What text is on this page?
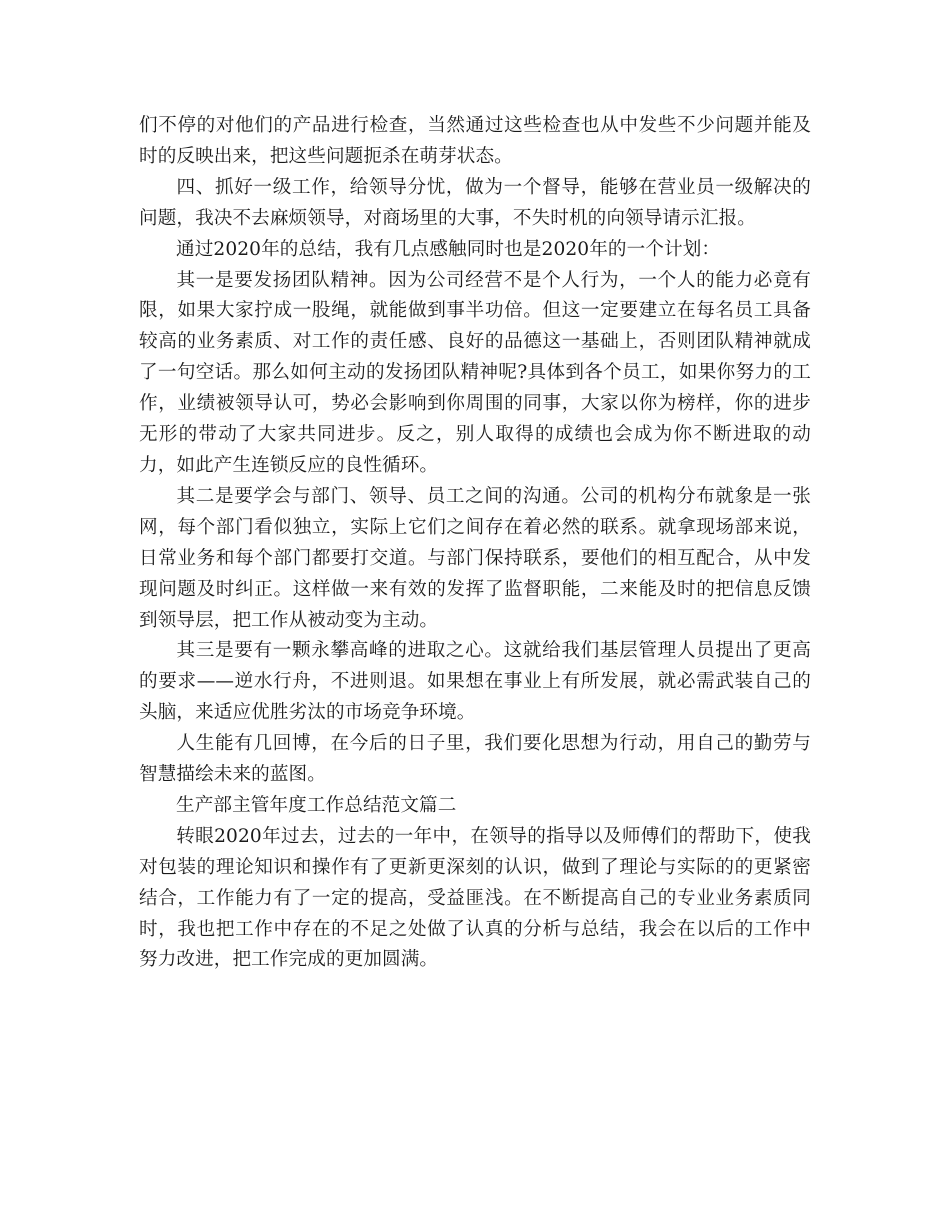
们不停的对他们的产品进行检查，当然通过这些检查也从中发些不少问题并能及时的反映出来，把这些问题扼杀在萌芽状态。

四、抓好一级工作，给领导分忧，做为一个督导，能够在营业员一级解决的问题，我决不去麻烦领导，对商场里的大事，不失时机的向领导请示汇报。

通过2020年的总结，我有几点感触同时也是2020年的一个计划：

其一是要发扬团队精神。因为公司经营不是个人行为，一个人的能力必竟有限，如果大家拧成一股绳，就能做到事半功倍。但这一定要建立在每名员工具备较高的业务素质、对工作的责任感、良好的品德这一基础上，否则团队精神就成了一句空话。那么如何主动的发扬团队精神呢?具体到各个员工，如果你努力的工作，业绩被领导认可，势必会影响到你周围的同事，大家以你为榜样，你的进步无形的带动了大家共同进步。反之，别人取得的成绩也会成为你不断进取的动力，如此产生连锁反应的良性循环。

其二是要学会与部门、领导、员工之间的沟通。公司的机构分布就象是一张网，每个部门看似独立，实际上它们之间存在着必然的联系。就拿现场部来说，日常业务和每个部门都要打交道。与部门保持联系，要他们的相互配合，从中发现问题及时纠正。这样做一来有效的发挥了监督职能，二来能及时的把信息反馈到领导层，把工作从被动变为主动。

其三是要有一颗永攀高峰的进取之心。这就给我们基层管理人员提出了更高的要求——逆水行舟，不进则退。如果想在事业上有所发展，就必需武装自己的头脑，来适应优胜劣汰的市场竞争环境。

人生能有几回博，在今后的日子里，我们要化思想为行动，用自己的勤劳与智慧描绘未来的蓝图。

生产部主管年度工作总结范文篇二

转眼2020年过去，过去的一年中，在领导的指导以及师傅们的帮助下，使我对包装的理论知识和操作有了更新更深刻的认识，做到了理论与实际的的更紧密结合，工作能力有了一定的提高，受益匪浅。在不断提高自己的专业业务素质同时，我也把工作中存在的不足之处做了认真的分析与总结，我会在以后的工作中努力改进，把工作完成的更加圆满。
